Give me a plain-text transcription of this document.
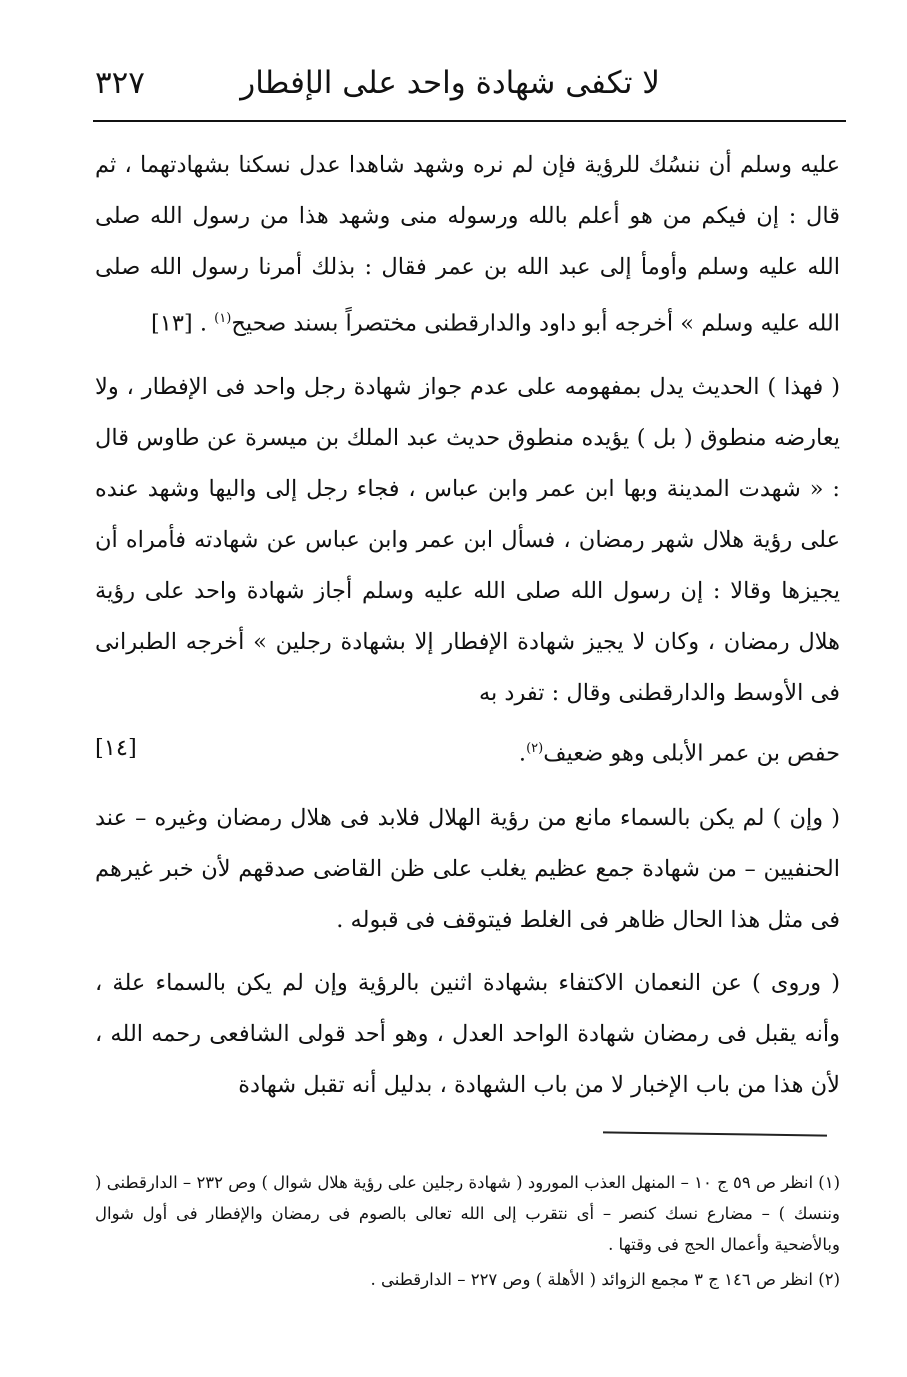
لا تكفى شهادة واحد على الإفطار
٣٢٧

عليه وسلم أن ننسُك للرؤية فإن لم نره وشهد شاهدا عدل نسكنا بشهادتهما ، ثم قال : إن فيكم من هو أعلم بالله ورسوله منى وشهد هذا من رسول الله صلى الله عليه وسلم وأومأ إلى عبد الله بن عمر فقال : بذلك أمرنا رسول الله صلى الله عليه وسلم » أخرجه أبو داود والدارقطنى مختصراً بسند صحيح$^{(١)}$ . [١٣]

( فهذا ) الحديث يدل بمفهومه على عدم جواز شهادة رجل واحد فى الإفطار ، ولا يعارضه منطوق ( بل ) يؤيده منطوق حديث عبد الملك بن ميسرة عن طاوس قال : « شهدت المدينة وبها ابن عمر وابن عباس ، فجاء رجل إلى واليها وشهد عنده على رؤية هلال شهر رمضان ، فسأل ابن عمر وابن عباس عن شهادته فأمراه أن يجيزها وقالا : إن رسول الله صلى الله عليه وسلم أجاز شهادة واحد على رؤية هلال رمضان ، وكان لا يجيز شهادة الإفطار إلا بشهادة رجلين » أخرجه الطبرانى فى الأوسط والدارقطنى وقال : تفرد به

حفص بن عمر الأبلى وهو ضعيف$^{(٢)}$.
[١٤]

( وإن ) لم يكن بالسماء مانع من رؤية الهلال فلابد فى هلال رمضان وغيره – عند الحنفيين – من شهادة جمع عظيم يغلب على ظن القاضى صدقهم لأن خبر غيرهم فى مثل هذا الحال ظاهر فى الغلط فيتوقف فى قبوله .

( وروى ) عن النعمان الاكتفاء بشهادة اثنين بالرؤية وإن لم يكن بالسماء علة ، وأنه يقبل فى رمضان شهادة الواحد العدل ، وهو أحد قولى الشافعى رحمه الله ، لأن هذا من باب الإخبار لا من باب الشهادة ، بدليل أنه تقبل شهادة

(١) انظر ص ٥٩ ج ١٠ – المنهل العذب المورود ( شهادة رجلين على رؤية هلال شوال ) وص ٢٣٢ – الدارقطنى ( وننسك ) – مضارع نسك كنصر – أى نتقرب إلى الله تعالى بالصوم فى رمضان والإفطار فى أول شوال وبالأضحية وأعمال الحج فى وقتها .

(٢) انظر ص ١٤٦ ج ٣ مجمع الزوائد ( الأهلة ) وص ٢٢٧ – الدارقطنى .
